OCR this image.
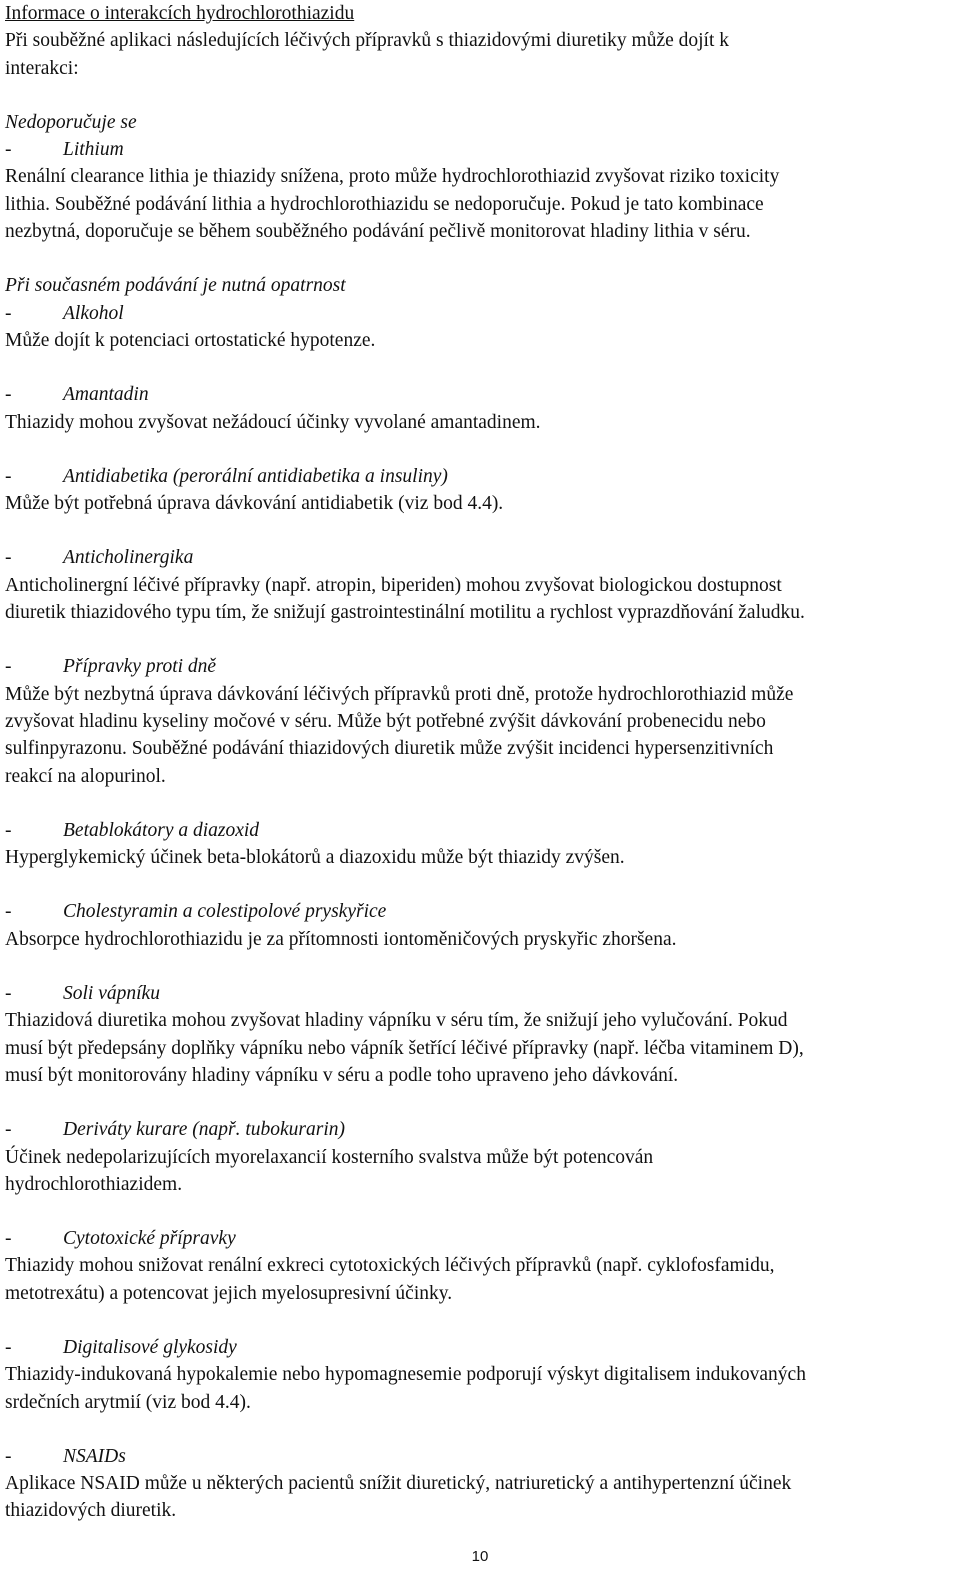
Informace o interakcích hydrochlorothiazidu
Při souběžné aplikaci následujících léčivých přípravků s thiazidovými diuretiky může dojít k
interakci:
Nedoporučuje se
-	Lithium
Renální clearance lithia je thiazidy snížena, proto může hydrochlorothiazid zvyšovat riziko toxicity
lithia. Souběžné podávání lithia a hydrochlorothiazidu se nedoporučuje. Pokud je tato kombinace
nezbytná, doporučuje se během souběžného podávání pečlivě monitorovat hladiny lithia v séru.
Při současném podávání je nutná opatrnost
-	Alkohol
Může dojít k potenciaci ortostatické hypotenze.
-	Amantadin
Thiazidy mohou zvyšovat nežádoucí účinky vyvolané amantadinem.
-	Antidiabetika (perorální antidiabetika a insuliny)
Může být potřebná úprava dávkování antidiabetik (viz bod 4.4).
-	Anticholinergika
Anticholinergní léčivé přípravky (např. atropin, biperiden) mohou zvyšovat biologickou dostupnost
diuretik thiazidového typu tím, že snižují gastrointestinální motilitu a rychlost vyprazdňování žaludku.
-	Přípravky proti dně
Může být nezbytná úprava dávkování léčivých přípravků proti dně, protože hydrochlorothiazid může
zvyšovat hladinu kyseliny močové v séru. Může být potřebné zvýšit dávkování probenecidu nebo
sulfinpyrazonu. Souběžné podávání thiazidových diuretik může zvýšit incidenci hypersenzitivních
reakcí na alopurinol.
-	Betablokátory a diazoxid
Hyperglykemický účinek beta-blokátorů a diazoxidu může být thiazidy zvýšen.
-	Cholestyramin a colestipolové pryskyřice
Absorpce hydrochlorothiazidu je za přítomnosti iontoměničových pryskyřic zhoršena.
-	Soli vápníku
Thiazidová diuretika mohou zvyšovat hladiny vápníku v séru tím, že snižují jeho vylučování. Pokud
musí být předepsány doplňky vápníku nebo vápník šetřící léčivé přípravky (např. léčba vitaminem D),
musí být monitorovány hladiny vápníku v séru a podle toho upraveno jeho dávkování.
-	Deriváty kurare (např. tubokurarin)
Účinek nedepolarizujících myorelaxancií kosterního svalstva může být potencován
hydrochlorothiazidem.
-	Cytotoxické přípravky
Thiazidy mohou snižovat renální exkreci cytotoxických léčivých přípravků (např. cyklofosfamidu,
metotrexátu) a potencovat jejich myelosupresivní účinky.
-	Digitalisové glykosidy
Thiazidy-indukovaná hypokalemie nebo hypomagnesemie podporují výskyt digitalisem indukovaných
srdečních arytmií (viz bod 4.4).
-	NSAIDs
Aplikace NSAID může u některých pacientů snížit diuretický, natriuretický a antihypertenzní účinek
thiazidových diuretik.
10
